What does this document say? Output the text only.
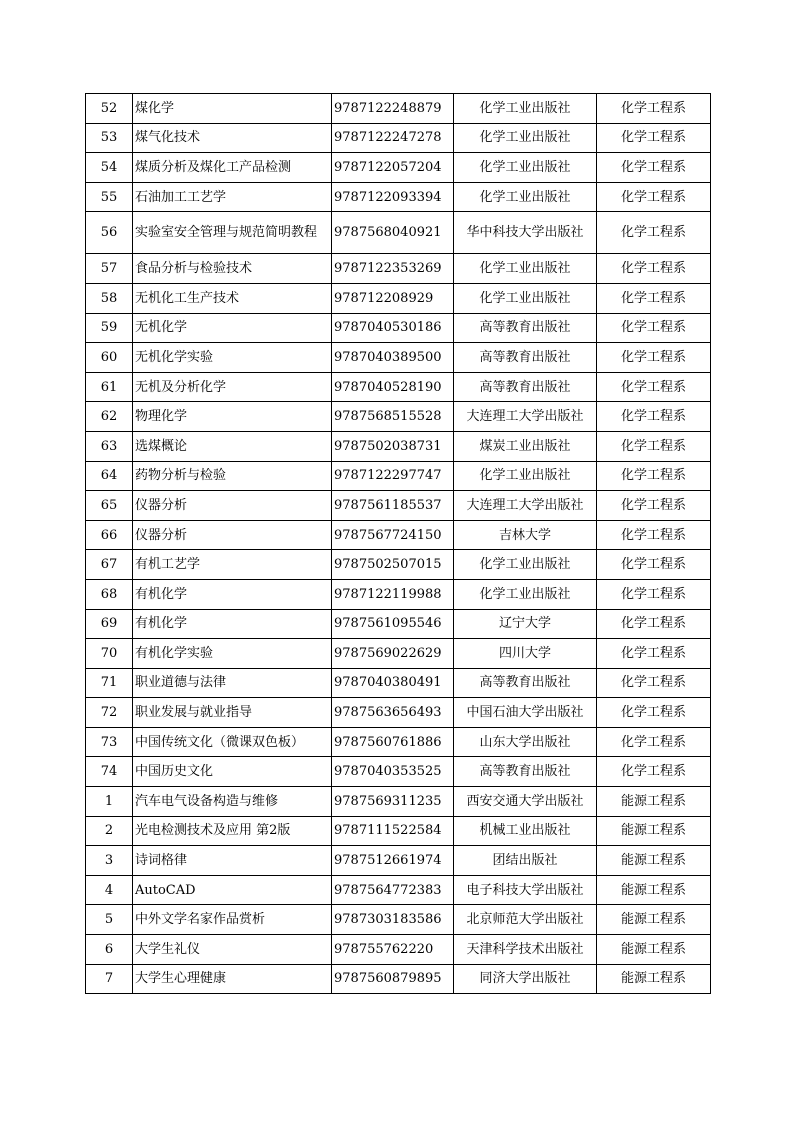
52	煤化学	9787122248879	化学工业出版社	化学工程系
53	煤气化技术	9787122247278	化学工业出版社	化学工程系
54	煤质分析及煤化工产品检测	9787122057204	化学工业出版社	化学工程系
55	石油加工工艺学	9787122093394	化学工业出版社	化学工程系
56	实验室安全管理与规范简明教程	9787568040921	华中科技大学出版社	化学工程系
57	食品分析与检验技术	9787122353269	化学工业出版社	化学工程系
58	无机化工生产技术	978712208929	化学工业出版社	化学工程系
59	无机化学	9787040530186	高等教育出版社	化学工程系
60	无机化学实验	9787040389500	高等教育出版社	化学工程系
61	无机及分析化学	9787040528190	高等教育出版社	化学工程系
62	物理化学	9787568515528	大连理工大学出版社	化学工程系
63	选煤概论	9787502038731	煤炭工业出版社	化学工程系
64	药物分析与检验	9787122297747	化学工业出版社	化学工程系
65	仪器分析	9787561185537	大连理工大学出版社	化学工程系
66	仪器分析	9787567724150	吉林大学	化学工程系
67	有机工艺学	9787502507015	化学工业出版社	化学工程系
68	有机化学	9787122119988	化学工业出版社	化学工程系
69	有机化学	9787561095546	辽宁大学	化学工程系
70	有机化学实验	9787569022629	四川大学	化学工程系
71	职业道德与法律	9787040380491	高等教育出版社	化学工程系
72	职业发展与就业指导	9787563656493	中国石油大学出版社	化学工程系
73	中国传统文化（微课双色板）	9787560761886	山东大学出版社	化学工程系
74	中国历史文化	9787040353525	高等教育出版社	化学工程系
1	汽车电气设备构造与维修	9787569311235	西安交通大学出版社	能源工程系
2	光电检测技术及应用 第2版	9787111522584	机械工业出版社	能源工程系
3	诗词格律	9787512661974	团结出版社	能源工程系
4	AutoCAD	9787564772383	电子科技大学出版社	能源工程系
5	中外文学名家作品赏析	9787303183586	北京师范大学出版社	能源工程系
6	大学生礼仪	978755762220	天津科学技术出版社	能源工程系
7	大学生心理健康	9787560879895	同济大学出版社	能源工程系
